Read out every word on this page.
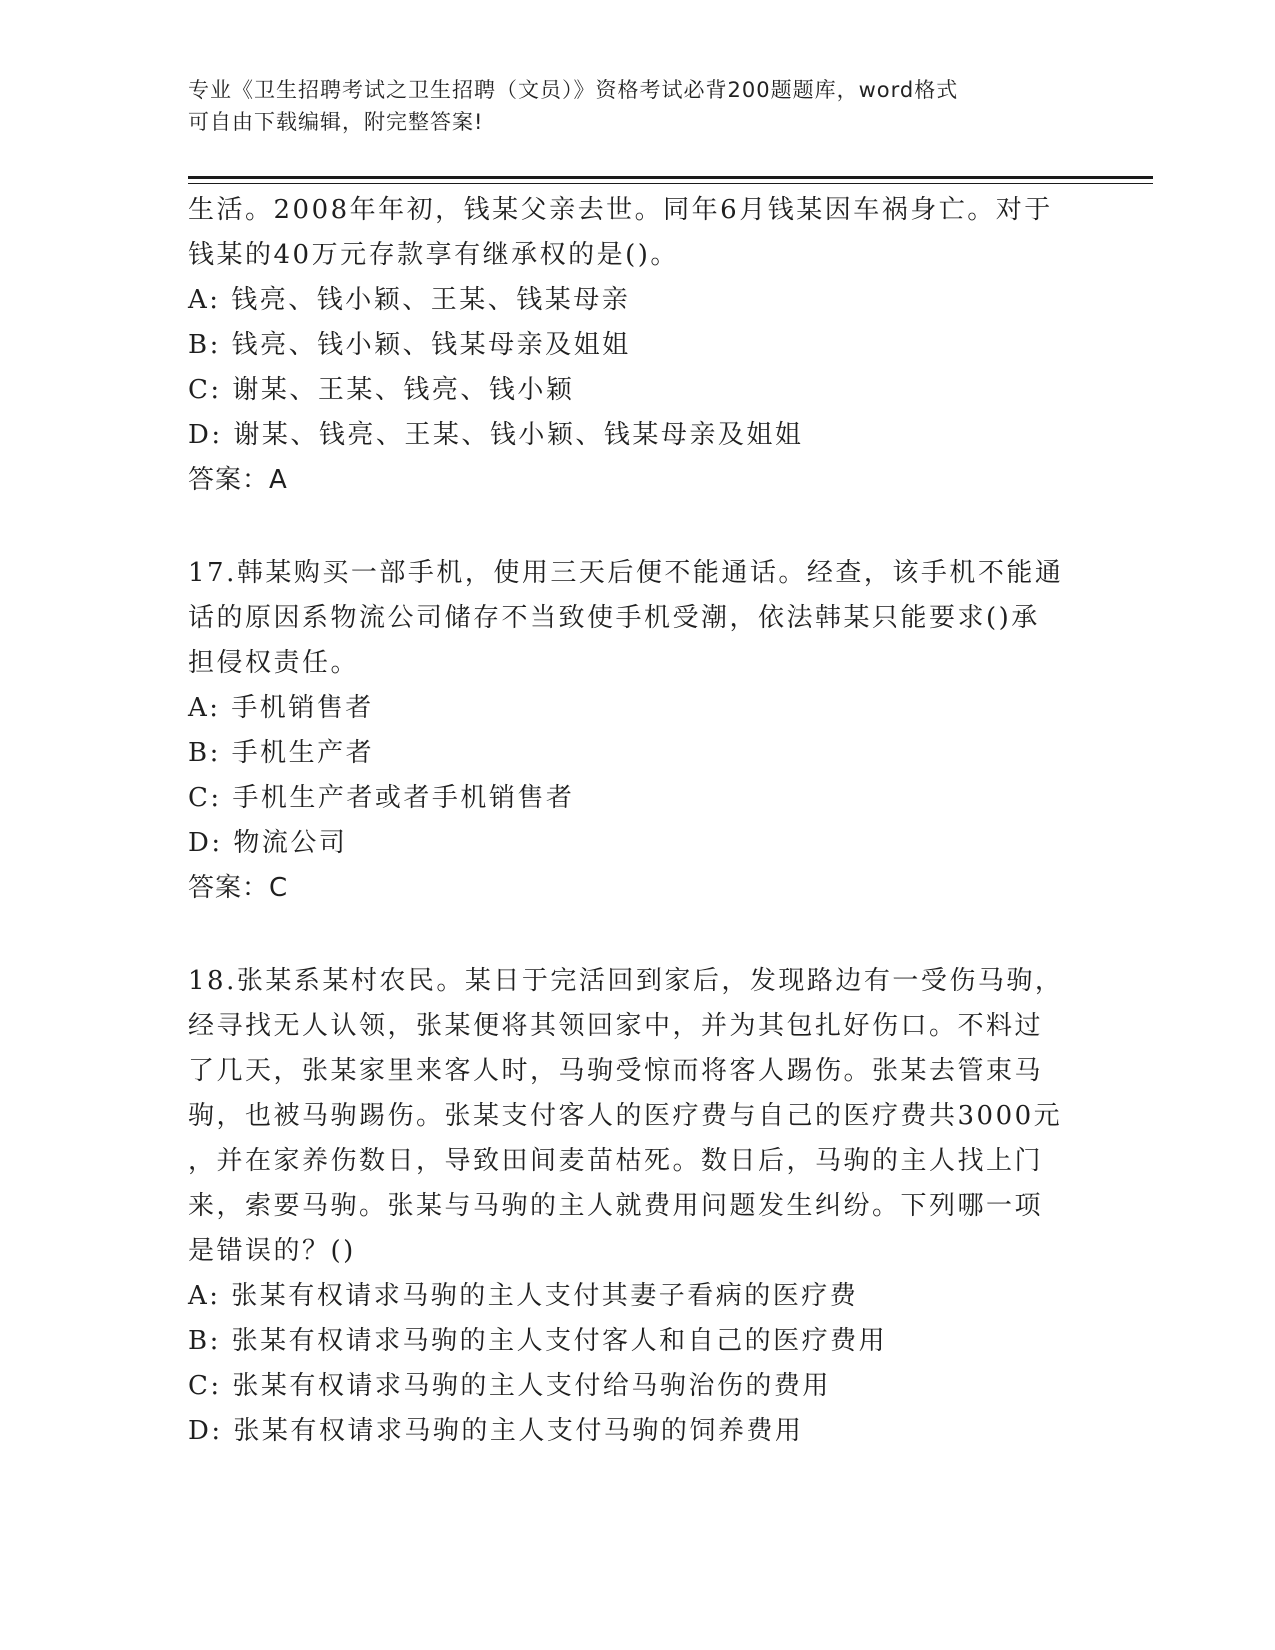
专业《卫生招聘考试之卫生招聘（文员）》资格考试必背200题题库，word格式
可自由下载编辑，附完整答案!

生活。2008年年初，钱某父亲去世。同年6月钱某因车祸身亡。对于

钱某的40万元存款享有继承权的是()。

A: 钱亮、钱小颖、王某、钱某母亲

B: 钱亮、钱小颖、钱某母亲及姐姐

C: 谢某、王某、钱亮、钱小颖

D: 谢某、钱亮、王某、钱小颖、钱某母亲及姐姐

答案：A

17.韩某购买一部手机，使用三天后便不能通话。经查，该手机不能通

话的原因系物流公司储存不当致使手机受潮，依法韩某只能要求()承

担侵权责任。

A: 手机销售者

B: 手机生产者

C: 手机生产者或者手机销售者

D: 物流公司

答案：C

18.张某系某村农民。某日于完活回到家后，发现路边有一受伤马驹，

经寻找无人认领，张某便将其领回家中，并为其包扎好伤口。不料过

了几天，张某家里来客人时，马驹受惊而将客人踢伤。张某去管束马

驹，也被马驹踢伤。张某支付客人的医疗费与自己的医疗费共3000元

，并在家养伤数日，导致田间麦苗枯死。数日后，马驹的主人找上门

来，索要马驹。张某与马驹的主人就费用问题发生纠纷。下列哪一项

是错误的？()

A: 张某有权请求马驹的主人支付其妻子看病的医疗费

B: 张某有权请求马驹的主人支付客人和自己的医疗费用

C: 张某有权请求马驹的主人支付给马驹治伤的费用

D: 张某有权请求马驹的主人支付马驹的饲养费用
